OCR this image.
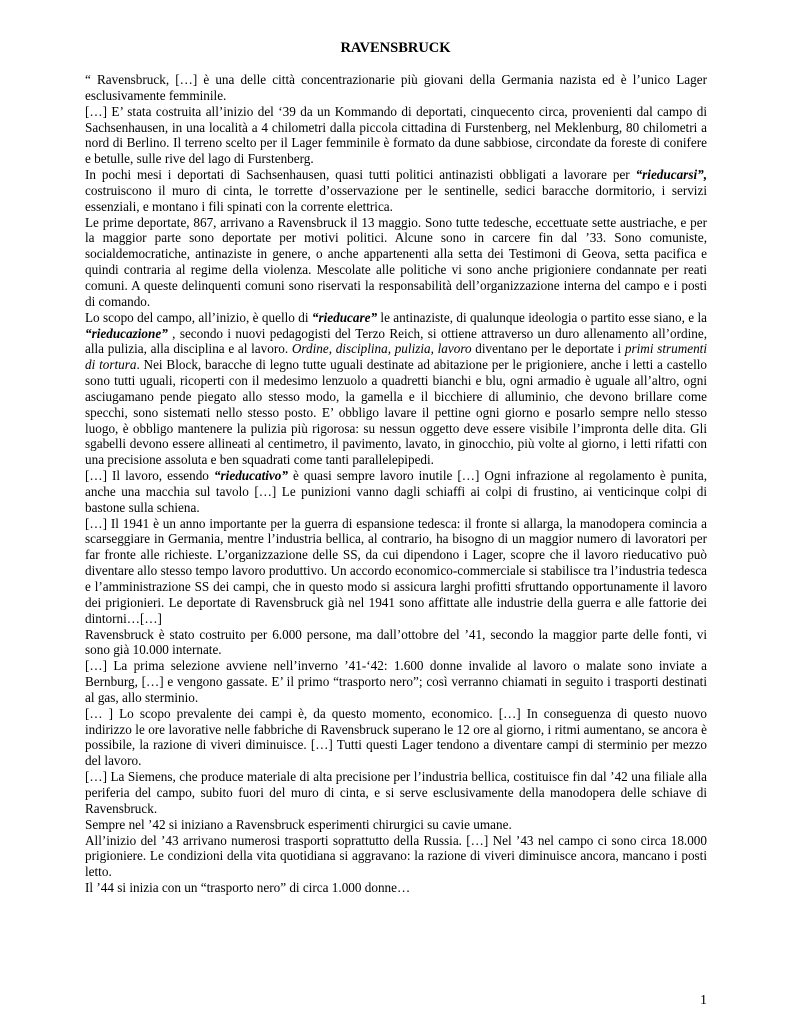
RAVENSBRUCK

“ Ravensbruck, […] è una delle città concentrazionarie più giovani della Germania nazista ed è l’unico Lager esclusivamente femminile.

[…] E’ stata costruita all’inizio del ‘39 da un Kommando di deportati, cinquecento circa, provenienti dal campo di Sachsenhausen, in una località a 4 chilometri dalla piccola cittadina di Furstenberg, nel Meklenburg, 80 chilometri a nord di Berlino. Il terreno scelto per il Lager femminile è formato da dune sabbiose, circondate da foreste di conifere e betulle, sulle rive del lago di Furstenberg.

In pochi mesi i deportati di Sachsenhausen, quasi tutti politici antinazisti obbligati a lavorare per “rieducarsi”, costruiscono il muro di cinta, le torrette d’osservazione per le sentinelle, sedici baracche dormitorio, i servizi essenziali, e montano i fili spinati con la corrente elettrica.

Le prime deportate, 867, arrivano a Ravensbruck il 13 maggio. Sono tutte tedesche, eccettuate sette austriache, e per la maggior parte sono deportate per motivi politici. Alcune sono in carcere fin dal ’33. Sono comuniste, socialdemocratiche, antinaziste in genere, o anche appartenenti alla setta dei Testimoni di Geova, setta pacifica e quindi contraria al regime della violenza. Mescolate alle politiche vi sono anche prigioniere condannate per reati comuni. A queste delinquenti comuni sono riservati la responsabilità dell’organizzazione interna del campo e i posti di comando.

Lo scopo del campo, all’inizio, è quello di “rieducare” le antinaziste, di qualunque ideologia o partito esse siano, e la “rieducazione” , secondo i nuovi pedagogisti del Terzo Reich, si ottiene attraverso un duro allenamento all’ordine, alla pulizia, alla disciplina e al lavoro. Ordine, disciplina, pulizia, lavoro diventano per le deportate i primi strumenti di tortura. Nei Block, baracche di legno tutte uguali destinate ad abitazione per le prigioniere, anche i letti a castello sono tutti uguali, ricoperti con il medesimo lenzuolo a quadretti bianchi e blu, ogni armadio è uguale all’altro, ogni asciugamano pende piegato allo stesso modo, la gamella e il bicchiere di alluminio, che devono brillare come specchi, sono sistemati nello stesso posto. E’ obbligo lavare il pettine ogni giorno e posarlo sempre nello stesso luogo, è obbligo mantenere la pulizia più rigorosa: su nessun oggetto deve essere visibile l’impronta delle dita. Gli sgabelli devono essere allineati al centimetro, il pavimento, lavato, in ginocchio, più volte al giorno, i letti rifatti con una precisione assoluta e ben squadrati come tanti parallelepipedi.

[…] Il lavoro, essendo “rieducativo” è quasi sempre lavoro inutile […] Ogni infrazione al regolamento è punita, anche una macchia sul tavolo […] Le punizioni vanno dagli schiaffi ai colpi di frustino, ai venticinque colpi di bastone sulla schiena.

[…] Il 1941 è un anno importante per la guerra di espansione tedesca: il fronte si allarga, la manodopera comincia a scarseggiare in Germania, mentre l’industria bellica, al contrario, ha bisogno di un maggior numero di lavoratori per far fronte alle richieste. L’organizzazione delle SS, da cui dipendono i Lager, scopre che il lavoro rieducativo può diventare allo stesso tempo lavoro produttivo. Un accordo economico-commerciale si stabilisce tra l’industria tedesca e l’amministrazione SS dei campi, che in questo modo si assicura larghi profitti sfruttando opportunamente il lavoro dei prigionieri. Le deportate di Ravensbruck già nel 1941 sono affittate alle industrie della guerra e alle fattorie dei dintorni…[…]

Ravensbruck è stato costruito per 6.000 persone, ma dall’ottobre del ’41, secondo la maggior parte delle fonti, vi sono già 10.000 internate.

[…] La prima selezione avviene nell’inverno ’41-‘42: 1.600 donne invalide al lavoro o malate sono inviate a Bernburg, […] e vengono gassate. E’ il primo “trasporto nero”; così verranno chiamati in seguito i trasporti destinati al gas, allo sterminio.

[… ] Lo scopo prevalente dei campi è, da questo momento, economico. […] In conseguenza di questo nuovo indirizzo le ore lavorative nelle fabbriche di Ravensbruck superano le 12 ore al giorno, i ritmi aumentano, se ancora è possibile, la razione di viveri diminuisce. […] Tutti questi Lager tendono a diventare campi di sterminio per mezzo del lavoro.

[…] La Siemens, che produce materiale di alta precisione per l’industria bellica, costituisce fin dal ’42 una filiale alla periferia del campo, subito fuori del muro di cinta, e si serve esclusivamente della manodopera delle schiave di Ravensbruck.

Sempre nel ’42 si iniziano a Ravensbruck esperimenti chirurgici su cavie umane.

All’inizio del ’43 arrivano numerosi trasporti soprattutto della Russia. […] Nel ’43 nel campo ci sono circa 18.000 prigioniere. Le condizioni della vita quotidiana si aggravano: la razione di viveri diminuisce ancora, mancano i posti letto.

Il ’44 si inizia con un “trasporto nero” di circa 1.000 donne…

1
